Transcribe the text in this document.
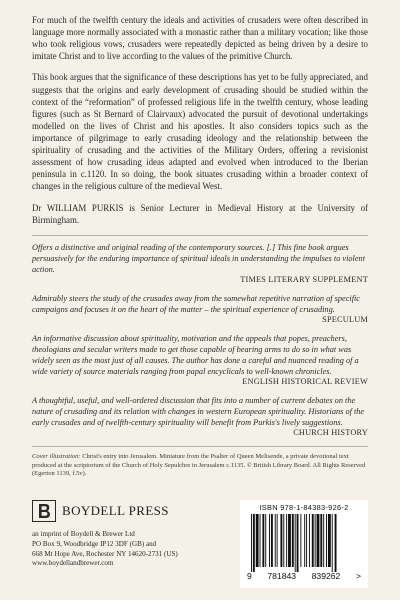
For much of the twelfth century the ideals and activities of crusaders were often described in language more normally associated with a monastic rather than a military vocation; like those who took religious vows, crusaders were repeatedly depicted as being driven by a desire to imitate Christ and to live according to the values of the primitive Church.

This book argues that the significance of these descriptions has yet to be fully appreciated, and suggests that the origins and early development of crusading should be studied within the context of the “reformation” of professed religious life in the twelfth century, whose leading figures (such as St Bernard of Clairvaux) advocated the pursuit of devotional undertakings modelled on the lives of Christ and his apostles. It also considers topics such as the importance of pilgrimage to early crusading ideology and the relationship between the spirituality of crusading and the activities of the Military Orders, offering a revisionist assessment of how crusading ideas adapted and evolved when introduced to the Iberian peninsula in c.1120. In so doing, the book situates crusading within a broader context of changes in the religious culture of the medieval West.

Dr WILLIAM PURKIS is Senior Lecturer in Medieval History at the University of Birmingham.

Offers a distinctive and original reading of the contemporary sources. [.] This fine book argues persuasively for the enduring importance of spiritual ideals in understanding the impulses to violent action.
TIMES LITERARY SUPPLEMENT

Admirably steers the study of the crusades away from the somewhat repetitive narration of specific campaigns and focuses it on the heart of the matter – the spiritual experience of crusading.
SPECULUM

An informative discussion about spirituality, motivation and the appeals that popes, preachers, theologians and secular writers made to get those capable of bearing arms to do so in what was widely seen as the most just of all causes. The author has done a careful and nuanced reading of a wide variety of source materials ranging from papal encyclicals to well-known chronicles.
ENGLISH HISTORICAL REVIEW

A thoughtful, useful, and well-ordered discussion that fits into a number of current debates on the nature of crusading and its relation with changes in western European spirituality. Historians of the early crusades and of twelfth-century spirituality will benefit from Purkis's lively suggestions.
CHURCH HISTORY

Cover illustration: Christ's entry into Jerusalem. Miniature from the Psalter of Queen Melisende, a private devotional text produced at the scriptorium of the Church of Holy Sepulchre in Jerusalem c.1135. © British Library Board. All Rights Reserved (Egerton 1139, f.5v).

BOYDELL PRESS
an imprint of Boydell & Brewer Ltd
PO Box 9, Woodbridge IP12 3DF (GB) and
668 Mt Hope Ave, Rochester NY 14620-2731 (US)
www.boydellandbrewer.com
ISBN 978-1-84383-926-2
9 781843 839262 >
